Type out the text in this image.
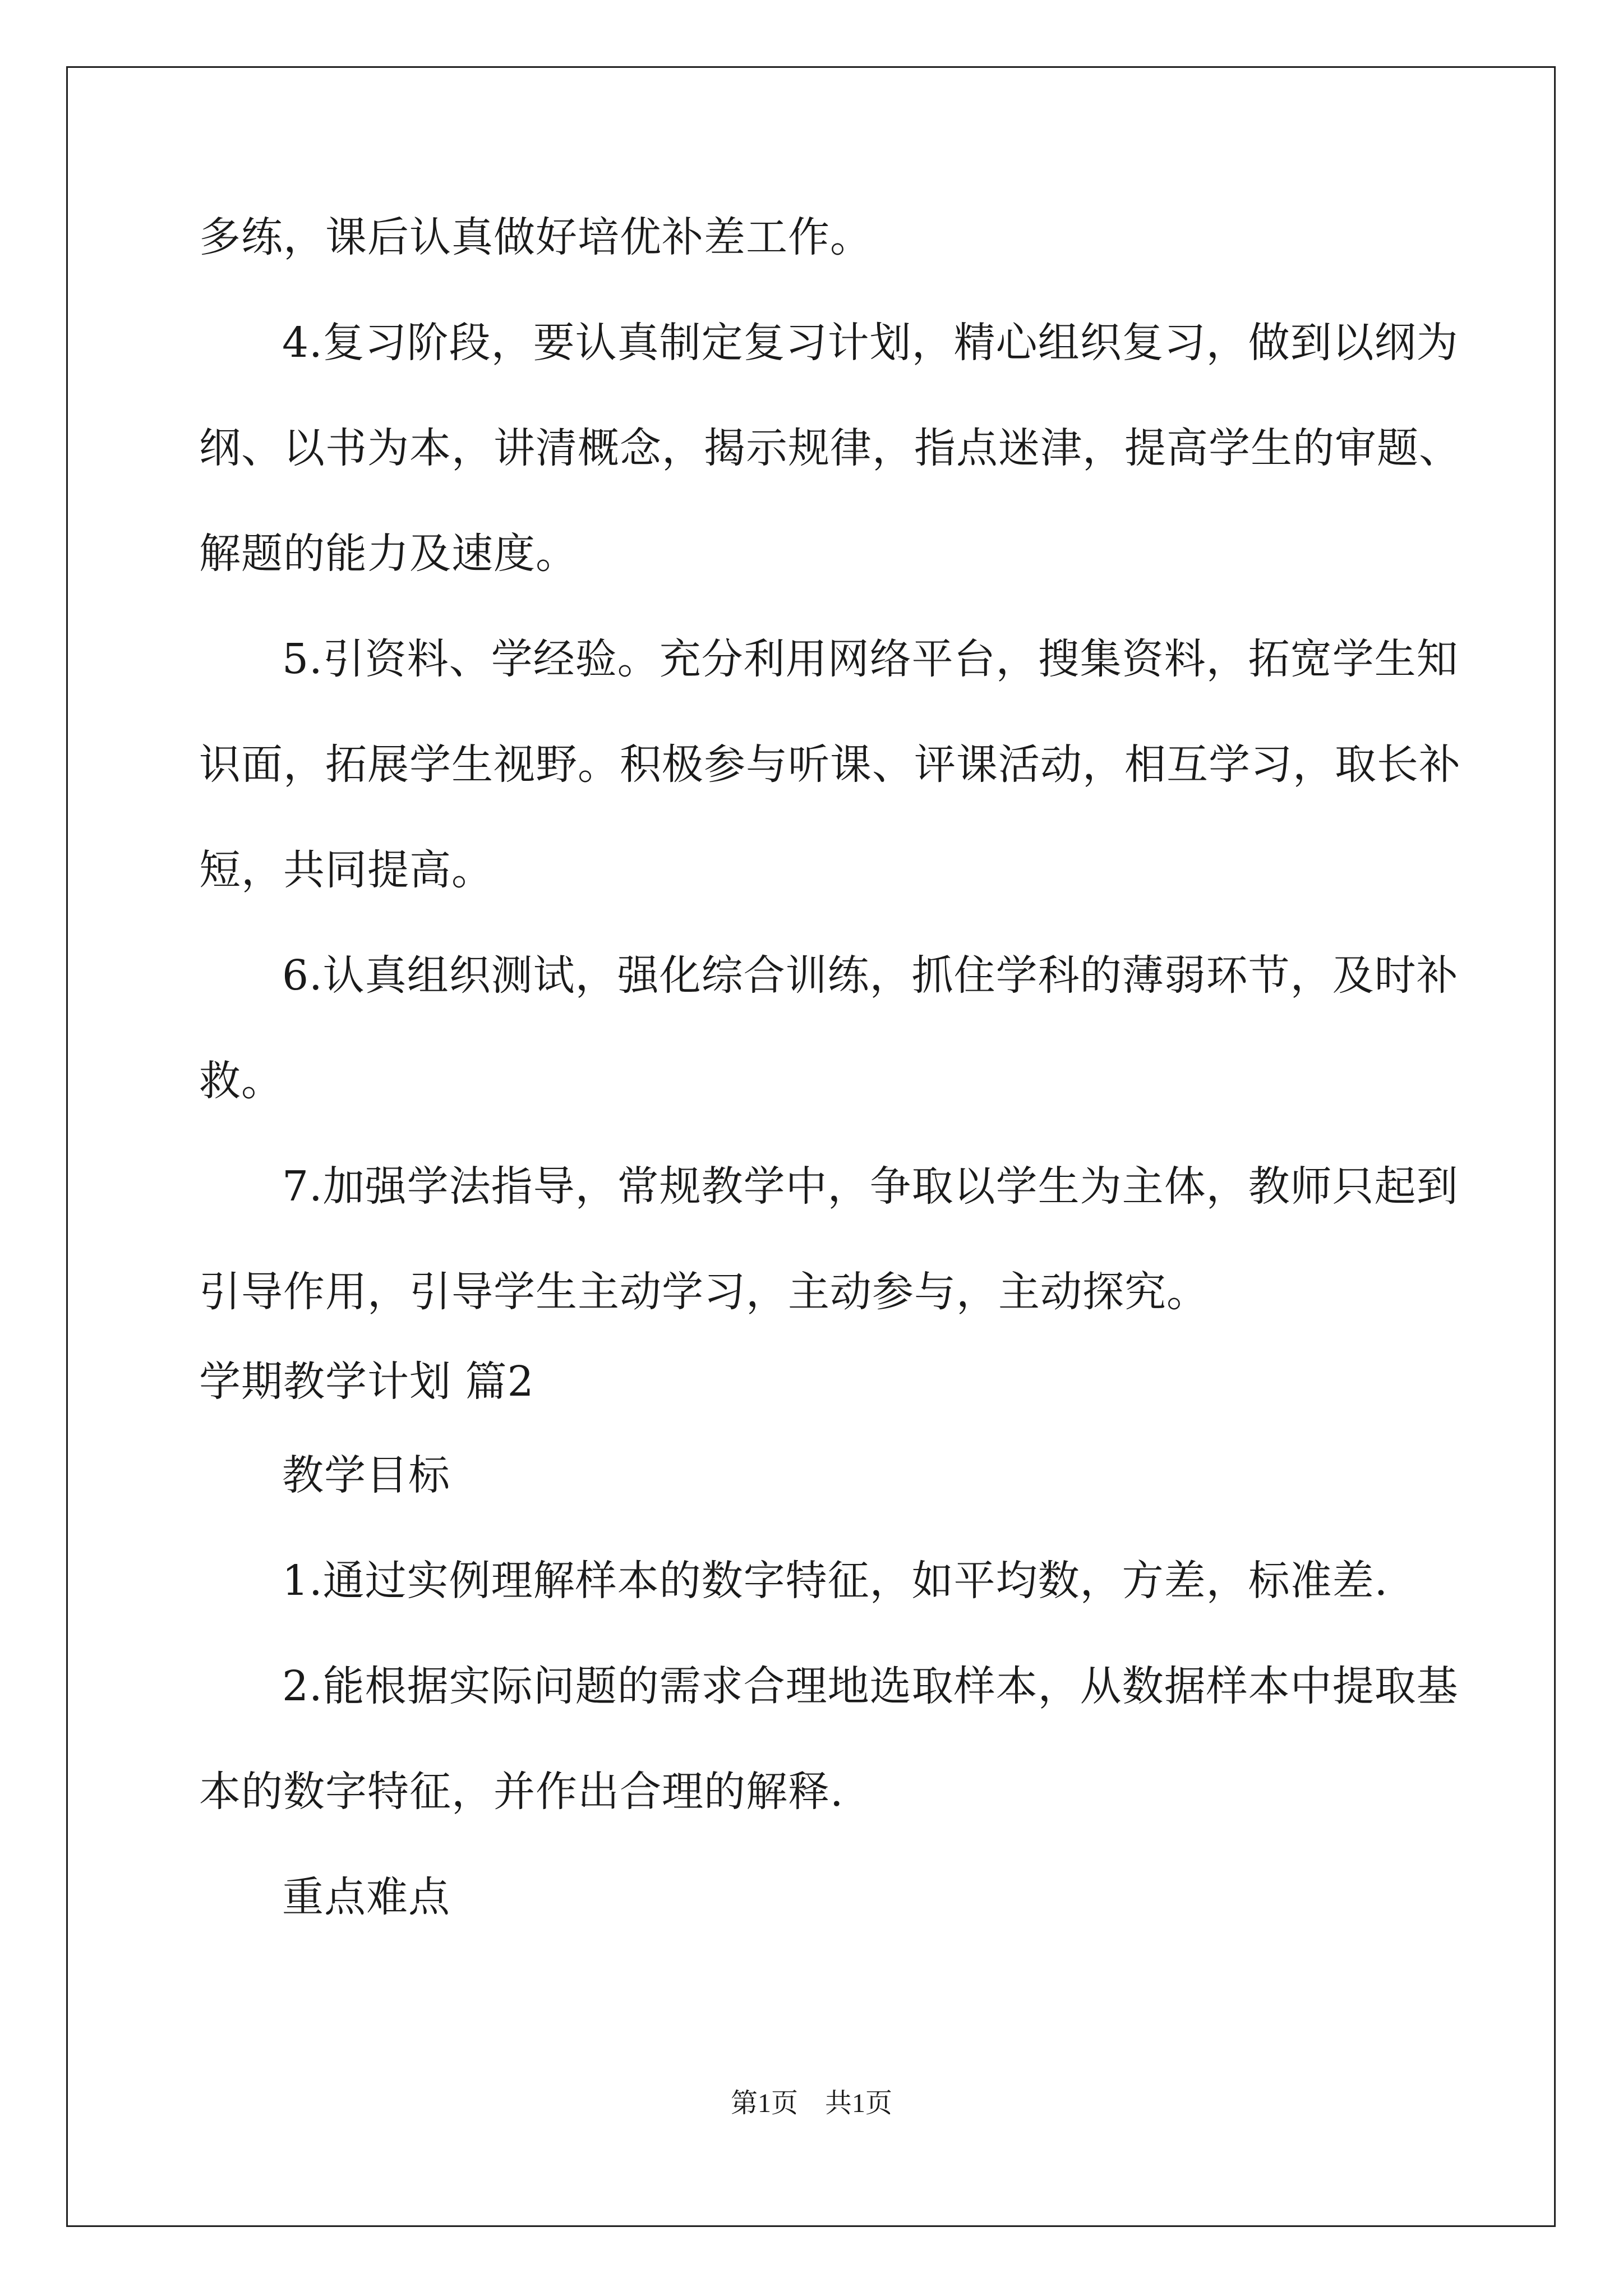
多练，课后认真做好培优补差工作。
4.复习阶段，要认真制定复习计划，精心组织复习，做到以纲为
纲、以书为本，讲清概念，揭示规律，指点迷津，提高学生的审题、
解题的能力及速度。
5.引资料、学经验。充分利用网络平台，搜集资料，拓宽学生知
识面，拓展学生视野。积极参与听课、评课活动，相互学习，取长补
短，共同提高。
6.认真组织测试，强化综合训练，抓住学科的薄弱环节，及时补
救。
7.加强学法指导，常规教学中，争取以学生为主体，教师只起到
引导作用，引导学生主动学习，主动参与，主动探究。
学期教学计划 篇2
教学目标
1.通过实例理解样本的数字特征，如平均数，方差，标准差.
2.能根据实际问题的需求合理地选取样本，从数据样本中提取基
本的数字特征，并作出合理的解释.
重点难点
第1页　共1页
